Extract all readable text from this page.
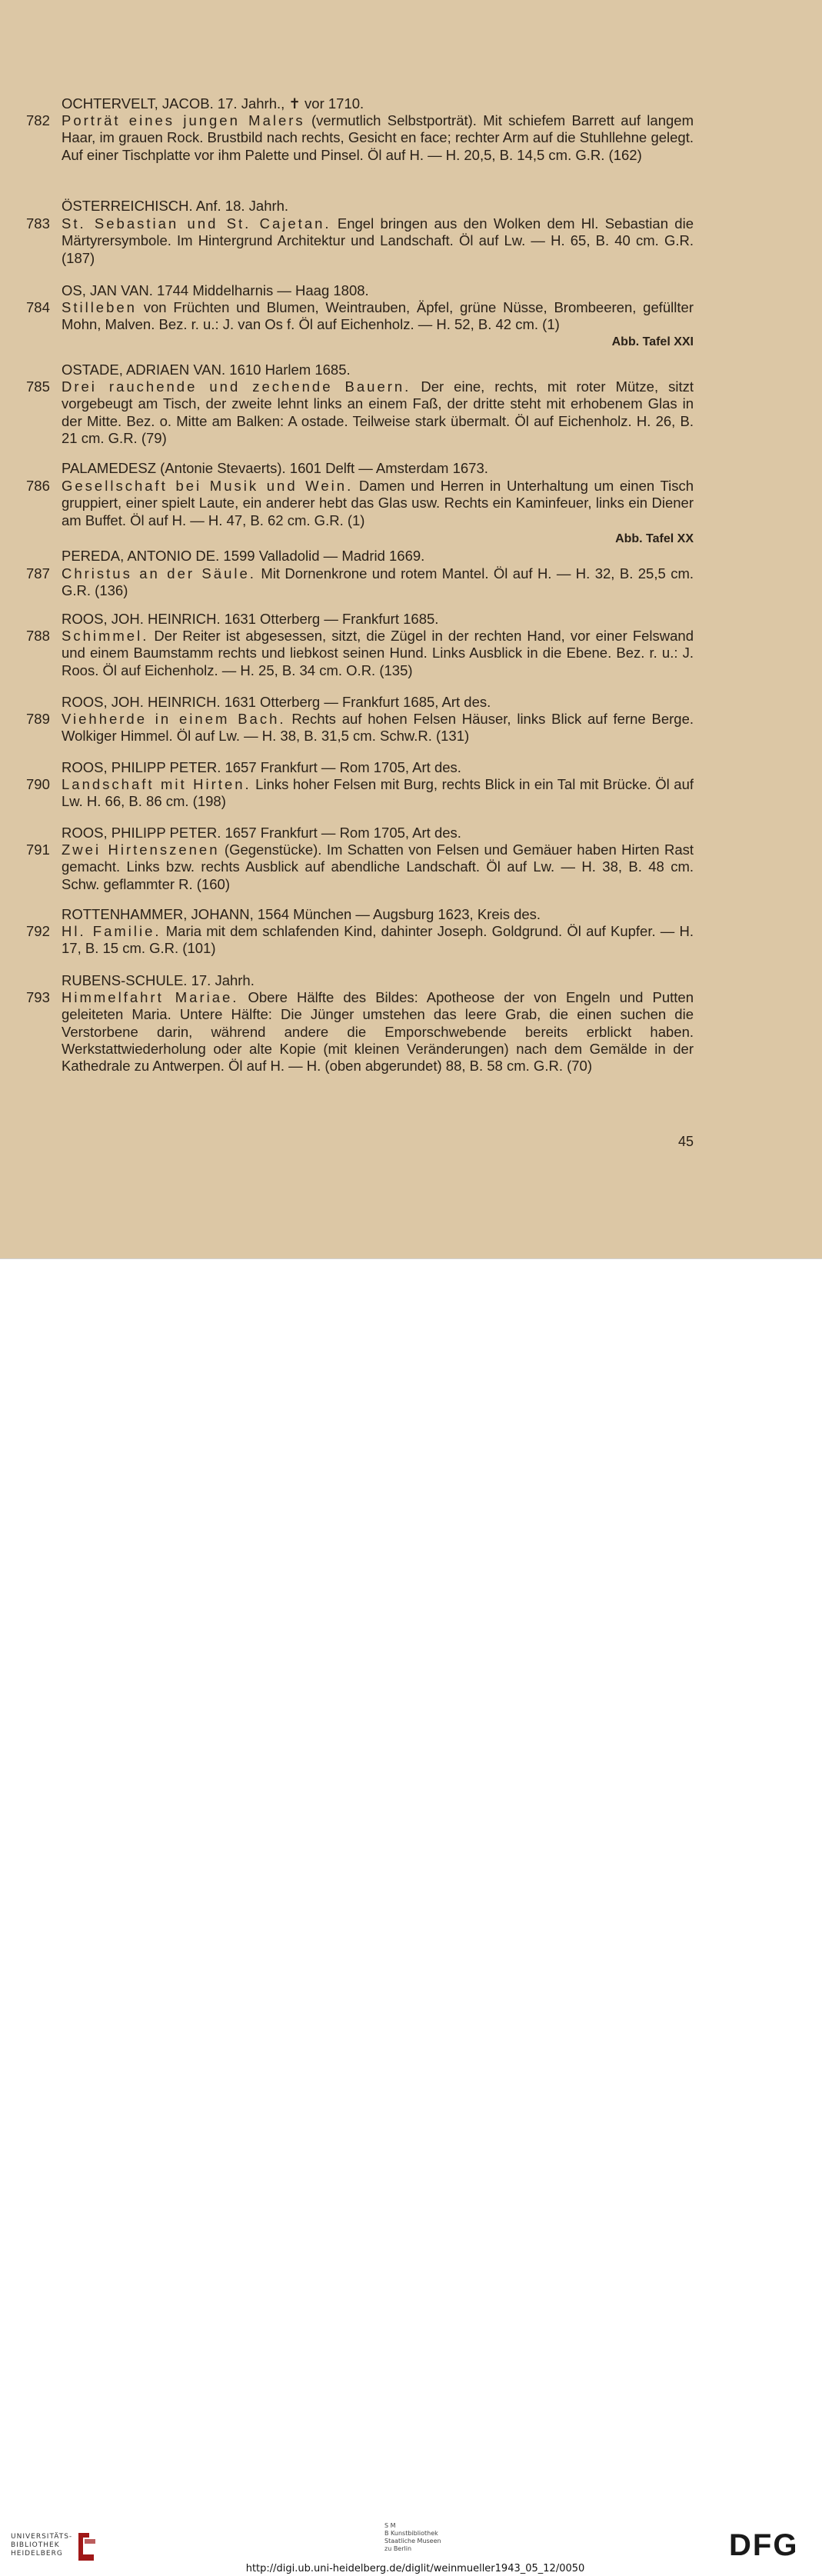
OCHTERVELT, JACOB. 17. Jahrh., ✝ vor 1710.
782 Porträt eines jungen Malers (vermutlich Selbstporträt). Mit schiefem Barrett auf langem Haar, im grauen Rock. Brustbild nach rechts, Gesicht en face; rechter Arm auf die Stuhllehne gelegt. Auf einer Tischplatte vor ihm Palette und Pinsel. Öl auf H. — H. 20,5, B. 14,5 cm. G.R. (162)
ÖSTERREICHISCH. Anf. 18. Jahrh.
783 St. Sebastian und St. Cajetan. Engel bringen aus den Wolken dem Hl. Sebastian die Märtyrersymbole. Im Hintergrund Architektur und Landschaft. Öl auf Lw. — H. 65, B. 40 cm. G.R. (187)
OS, JAN VAN. 1744 Middelharnis — Haag 1808.
784 Stilleben von Früchten und Blumen, Weintrauben, Äpfel, grüne Nüsse, Brombeeren, gefüllter Mohn, Malven. Bez. r. u.: J. van Os f. Öl auf Eichenholz. — H. 52, B. 42 cm. (1)
Abb. Tafel XXI
OSTADE, ADRIAEN VAN. 1610 Harlem 1685.
785 Drei rauchende und zechende Bauern. Der eine, rechts, mit roter Mütze, sitzt vorgebeugt am Tisch, der zweite lehnt links an einem Faß, der dritte steht mit erhobenem Glas in der Mitte. Bez. o. Mitte am Balken: A ostade. Teilweise stark übermalt. Öl auf Eichenholz. H. 26, B. 21 cm. G.R. (79)
PALAMEDESZ (Antonie Stevaerts). 1601 Delft — Amsterdam 1673.
786 Gesellschaft bei Musik und Wein. Damen und Herren in Unterhaltung um einen Tisch gruppiert, einer spielt Laute, ein anderer hebt das Glas usw. Rechts ein Kaminfeuer, links ein Diener am Buffet. Öl auf H. — H. 47, B. 62 cm. G.R. (1)
Abb. Tafel XX
PEREDA, ANTONIO DE. 1599 Valladolid — Madrid 1669.
787 Christus an der Säule. Mit Dornenkrone und rotem Mantel. Öl auf H. — H. 32, B. 25,5 cm. G.R. (136)
ROOS, JOH. HEINRICH. 1631 Otterberg — Frankfurt 1685.
788 Schimmel. Der Reiter ist abgesessen, sitzt, die Zügel in der rechten Hand, vor einer Felswand und einem Baumstamm rechts und liebkost seinen Hund. Links Ausblick in die Ebene. Bez. r. u.: J. Roos. Öl auf Eichenholz. — H. 25, B. 34 cm. O.R. (135)
ROOS, JOH. HEINRICH. 1631 Otterberg — Frankfurt 1685, Art des.
789 Viehherde in einem Bach. Rechts auf hohen Felsen Häuser, links Blick auf ferne Berge. Wolkiger Himmel. Öl auf Lw. — H. 38, B. 31,5 cm. Schw.R. (131)
ROOS, PHILIPP PETER. 1657 Frankfurt — Rom 1705, Art des.
790 Landschaft mit Hirten. Links hoher Felsen mit Burg, rechts Blick in ein Tal mit Brücke. Öl auf Lw. H. 66, B. 86 cm. (198)
ROOS, PHILIPP PETER. 1657 Frankfurt — Rom 1705, Art des.
791 Zwei Hirtenszenen (Gegenstücke). Im Schatten von Felsen und Gemäuer haben Hirten Rast gemacht. Links bzw. rechts Ausblick auf abendliche Landschaft. Öl auf Lw. — H. 38, B. 48 cm. Schw. geflammter R. (160)
ROTTENHAMMER, JOHANN, 1564 München — Augsburg 1623, Kreis des.
792 Hl. Familie. Maria mit dem schlafenden Kind, dahinter Joseph. Goldgrund. Öl auf Kupfer. — H. 17, B. 15 cm. G.R. (101)
RUBENS-SCHULE. 17. Jahrh.
793 Himmelfahrt Mariae. Obere Hälfte des Bildes: Apotheose der von Engeln und Putten geleiteten Maria. Untere Hälfte: Die Jünger umstehen das leere Grab, die einen suchen die Verstorbene darin, während andere die Emporschwebende bereits erblickt haben. Werkstattwiederholung oder alte Kopie (mit kleinen Veränderungen) nach dem Gemälde in der Kathedrale zu Antwerpen. Öl auf H. — H. (oben abgerundet) 88, B. 58 cm. G.R. (70)
45
UNIVERSITÄTS-
BIBLIOTHEK
HEIDELBERG
S M
B Kunstbibliothek
Staatliche Museen
zu Berlin	DFG
http://digi.ub.uni-heidelberg.de/diglit/weinmueller1943_05_12/0050
